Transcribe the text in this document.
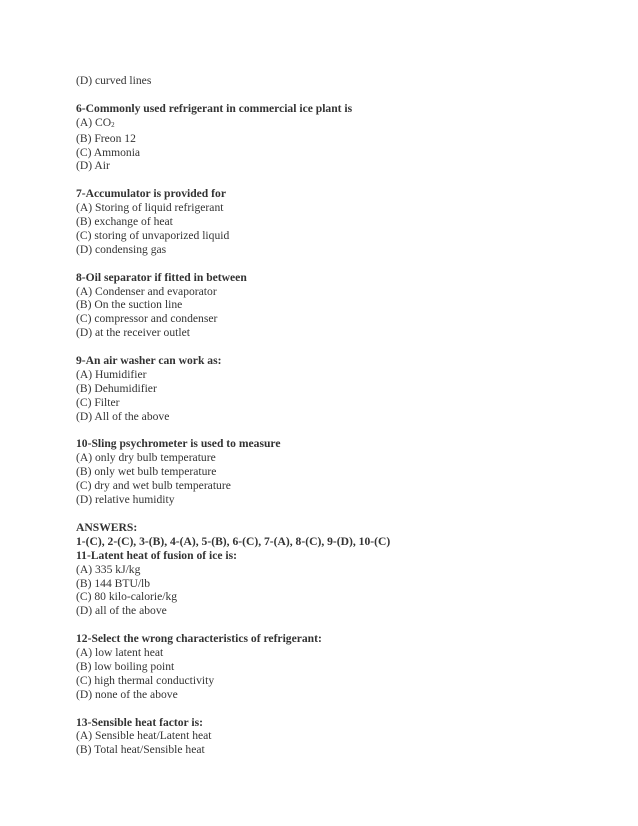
(D) curved lines
6-Commonly used refrigerant in commercial ice plant is
(A) $CO_2$
(B) Freon 12
(C) Ammonia
(D) Air
7-Accumulator is provided for
(A) Storing of liquid refrigerant
(B) exchange of heat
(C) storing of unvaporized liquid
(D) condensing gas
8-Oil separator if fitted in between
(A) Condenser and evaporator
(B) On the suction line
(C) compressor and condenser
(D) at the receiver outlet
9-An air washer can work as:
(A) Humidifier
(B) Dehumidifier
(C) Filter
(D) All of the above
10-Sling psychrometer is used to measure
(A) only dry bulb temperature
(B) only wet bulb temperature
(C) dry and wet bulb temperature
(D) relative humidity
ANSWERS:
1-(C), 2-(C), 3-(B), 4-(A), 5-(B), 6-(C), 7-(A), 8-(C), 9-(D), 10-(C)
11-Latent heat of fusion of ice is:
(A) 335 kJ/kg
(B) 144 BTU/lb
(C) 80 kilo-calorie/kg
(D) all of the above
12-Select the wrong characteristics of refrigerant:
(A) low latent heat
(B) low boiling point
(C) high thermal conductivity
(D) none of the above
13-Sensible heat factor is:
(A) Sensible heat/Latent heat
(B) Total heat/Sensible heat
